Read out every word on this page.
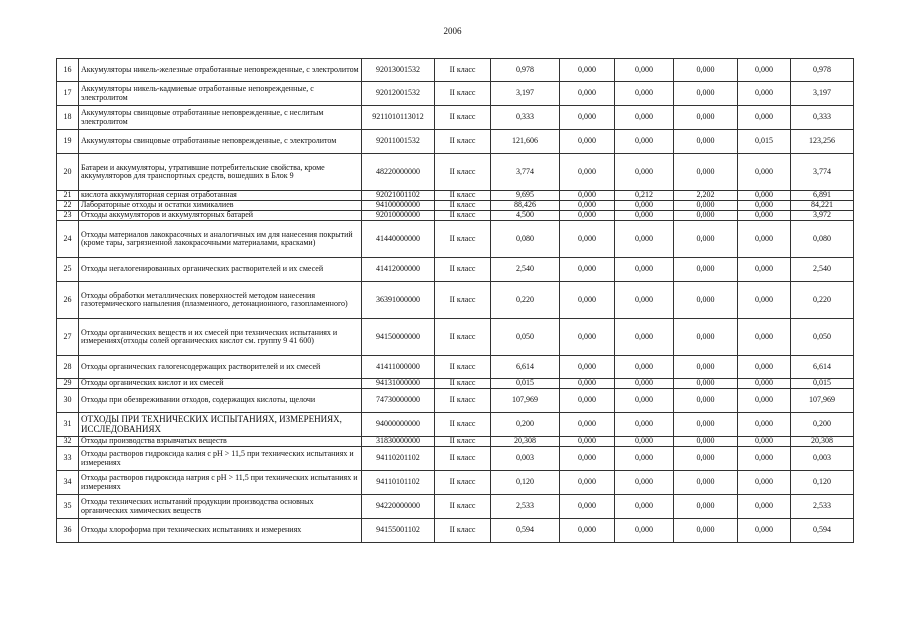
2006
16	Аккумуляторы никель-железные отработанные неповрежденные, с электролитом	92013001532	II класс	0,978	0,000	0,000	0,000	0,000	0,978
17	Аккумуляторы никель-кадмиевые отработанные неповрежденные, с электролитом	92012001532	II класс	3,197	0,000	0,000	0,000	0,000	3,197
18	Аккумуляторы свинцовые отработанные неповрежденные, с неслитым электролитом	9211010113012	II класс	0,333	0,000	0,000	0,000	0,000	0,333
19	Аккумуляторы свинцовые отработанные неповрежденные, с электролитом	92011001532	II класс	121,606	0,000	0,000	0,000	0,015	123,256
20	Батареи и аккумуляторы, утратившие потребительские свойства, кроме аккумуляторов для транспортных средств, вошедших в Блок 9	48220000000	II класс	3,774	0,000	0,000	0,000	0,000	3,774
21	кислота аккумуляторная серная отработанная	92021001102	II класс	9,695	0,000	0,212	2,202	0,000	6,891
22	Лабораторные отходы и остатки химикалиев	94100000000	II класс	88,426	0,000	0,000	0,000	0,000	84,221
23	Отходы аккумуляторов и аккумуляторных батарей	92010000000	II класс	4,500	0,000	0,000	0,000	0,000	3,972
24	Отходы материалов лакокрасочных и аналогичных им для нанесения покрытий (кроме тары, загрязненной лакокрасочными материалами, красками)	41440000000	II класс	0,080	0,000	0,000	0,000	0,000	0,080
25	Отходы негалогенированных органических растворителей и их смесей	41412000000	II класс	2,540	0,000	0,000	0,000	0,000	2,540
26	Отходы обработки металлических поверхностей методом нанесения газотермического напыления (плазменного, детонационного, газопламенного)	36391000000	II класс	0,220	0,000	0,000	0,000	0,000	0,220
27	Отходы органических веществ и их смесей при технических испытаниях и измерениях(отходы солей органических кислот см. группу 9 41 600)	94150000000	II класс	0,050	0,000	0,000	0,000	0,000	0,050
28	Отходы органических галогенсодержащих растворителей и их смесей	41411000000	II класс	6,614	0,000	0,000	0,000	0,000	6,614
29	Отходы органических кислот и их смесей	94131000000	II класс	0,015	0,000	0,000	0,000	0,000	0,015
30	Отходы при обезвреживании отходов, содержащих кислоты, щелочи	74730000000	II класс	107,969	0,000	0,000	0,000	0,000	107,969
31	ОТХОДЫ ПРИ ТЕХНИЧЕСКИХ ИСПЫТАНИЯХ, ИЗМЕРЕНИЯХ, ИССЛЕДОВАНИЯХ	94000000000	II класс	0,200	0,000	0,000	0,000	0,000	0,200
32	Отходы производства взрывчатых веществ	31830000000	II класс	20,308	0,000	0,000	0,000	0,000	20,308
33	Отходы растворов гидроксида калия с рН > 11,5 при технических испытаниях и измерениях	94110201102	II класс	0,003	0,000	0,000	0,000	0,000	0,003
34	Отходы растворов гидроксида натрия с рН > 11,5 при технических испытаниях и измерениях	94110101102	II класс	0,120	0,000	0,000	0,000	0,000	0,120
35	Отходы технических испытаний продукции производства основных органических химических веществ	94220000000	II класс	2,533	0,000	0,000	0,000	0,000	2,533
36	Отходы хлороформа при технических испытаниях и измерениях	94155001102	II класс	0,594	0,000	0,000	0,000	0,000	0,594
